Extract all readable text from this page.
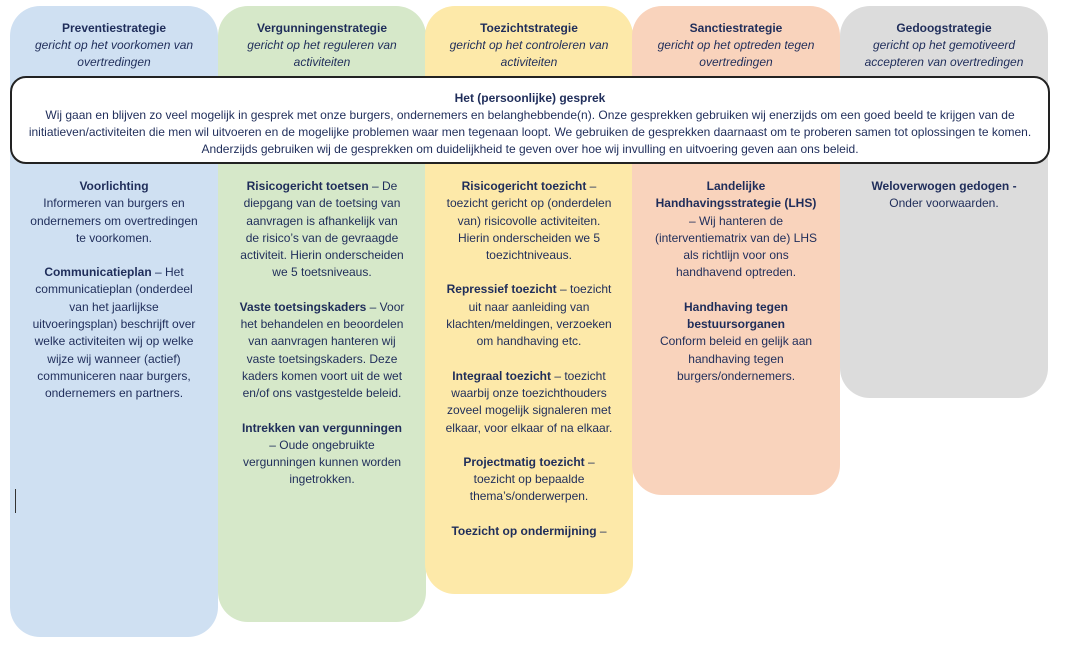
Preventiestrategie
gericht op het voorkomen van overtredingen

Voorlichting
Informeren van burgers en ondernemers om overtredingen te voorkomen.

Communicatieplan – Het communicatieplan (onderdeel van het jaarlijkse uitvoeringsplan) beschrijft over welke activiteiten wij op welke wijze wij wanneer (actief) communiceren naar burgers, ondernemers en partners.

Vergunningenstrategie
gericht op het reguleren van activiteiten

Risicogericht toetsen – De diepgang van de toetsing van aanvragen is afhankelijk van de risico’s van de gevraagde activiteit. Hierin onderscheiden we 5 toetsniveaus.

Vaste toetsingskaders – Voor het behandelen en beoordelen van aanvragen hanteren wij vaste toetsingskaders. Deze kaders komen voort uit de wet en/of ons vastgestelde beleid.

Intrekken van vergunningen – Oude ongebruikte vergunningen kunnen worden ingetrokken.

Toezichtstrategie
gericht op het controleren van activiteiten

Risicogericht toezicht – toezicht gericht op (onderdelen van) risicovolle activiteiten. Hierin onderscheiden we 5 toezichtniveaus.

Repressief toezicht – toezicht uit naar aanleiding van klachten/meldingen, verzoeken om handhaving etc.

Integraal toezicht – toezicht waarbij onze toezichthouders zoveel mogelijk signaleren met elkaar, voor elkaar of na elkaar.

Projectmatig toezicht – toezicht op bepaalde thema’s/onderwerpen.

Toezicht op ondermijning –

Sanctiestrategie
gericht op het optreden tegen overtredingen

Landelijke Handhavingsstrategie (LHS) – Wij hanteren de (interventiematrix van de) LHS als richtlijn voor ons handhavend optreden.

Handhaving tegen bestuursorganen
Conform beleid en gelijk aan handhaving tegen burgers/ondernemers.

Gedoogstrategie
gericht op het gemotiveerd accepteren van overtredingen

Weloverwogen gedogen -
Onder voorwaarden.

Het (persoonlijke) gesprek
Wij gaan en blijven zo veel mogelijk in gesprek met onze burgers, ondernemers en belanghebbende(n). Onze gesprekken gebruiken wij enerzijds om een goed beeld te krijgen van de initiatieven/activiteiten die men wil uitvoeren en de mogelijke problemen waar men tegenaan loopt. We gebruiken de gesprekken daarnaast om te proberen samen tot oplossingen te komen. Anderzijds gebruiken wij de gesprekken om duidelijkheid te geven over hoe wij invulling en uitvoering geven aan ons beleid.
